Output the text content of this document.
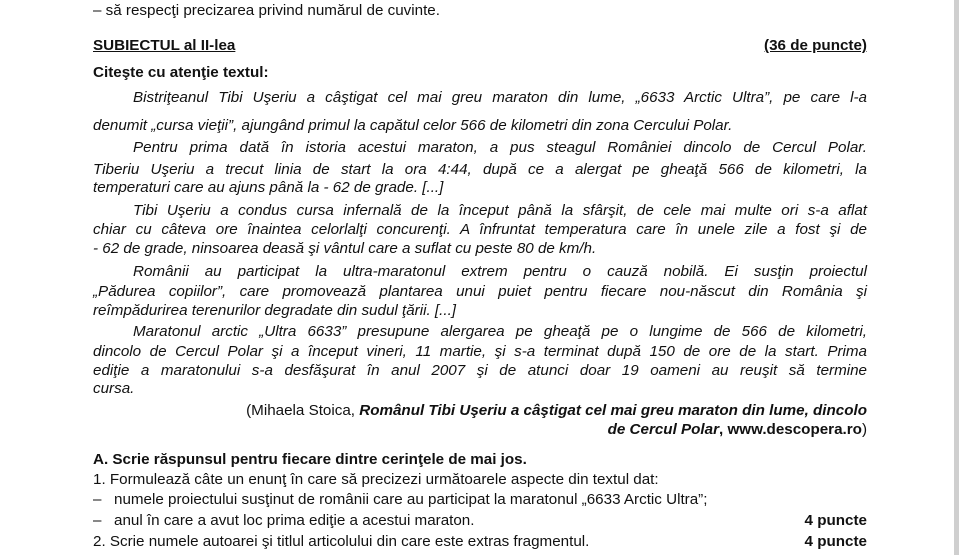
– să respecţi precizarea privind numărul de cuvinte.
SUBIECTUL al II-lea	(36 de puncte)
Citeşte cu atenţie textul:
Bistriţeanul Tibi Uşeriu a câştigat cel mai greu maraton din lume, „6633 Arctic Ultra”, pe care l-a
denumit „cursa vieţii”, ajungând primul la capătul celor 566 de kilometri din zona Cercului Polar.
Pentru prima dată în istoria acestui maraton, a pus steagul României dincolo de Cercul Polar.
Tiberiu Uşeriu a trecut linia de start la ora 4:44, după ce a alergat pe gheaţă 566 de kilometri, la
temperaturi care au ajuns până la - 62 de grade. [...]
Tibi Uşeriu a condus cursa infernală de la început până la sfârşit, de cele mai multe ori s-a aflat
chiar cu câteva ore înaintea celorlalţi concurenţi. A înfruntat temperatura care în unele zile a fost şi de
- 62 de grade, ninsoarea deasă şi vântul care a suflat cu peste 80 de km/h.
Românii au participat la ultra-maratonul extrem pentru o cauză nobilă. Ei susţin proiectul
„Pădurea copiilor”, care promovează plantarea unui puiet pentru fiecare nou-născut din România şi
reîmpădurirea terenurilor degradate din sudul ţării. [...]
Maratonul arctic „Ultra 6633” presupune alergarea pe gheaţă pe o lungime de 566 de kilometri,
dincolo de Cercul Polar şi a început vineri, 11 martie, şi s-a terminat după 150 de ore de la start. Prima
ediţie a maratonului s-a desfăşurat în anul 2007 şi de atunci doar 19 oameni au reuşit să termine
cursa.
(Mihaela Stoica, Românul Tibi Uşeriu a câştigat cel mai greu maraton din lume, dincolo
de Cercul Polar, www.descopera.ro)
A. Scrie răspunsul pentru fiecare dintre cerinţele de mai jos.
1. Formulează câte un enunţ în care să precizezi următoarele aspecte din textul dat:
– numele proiectului susţinut de românii care au participat la maratonul „6633 Arctic Ultra”;
– anul în care a avut loc prima ediţie a acestui maraton.	4 puncte
2. Scrie numele autoarei şi titlul articolului din care este extras fragmentul.	4 puncte
